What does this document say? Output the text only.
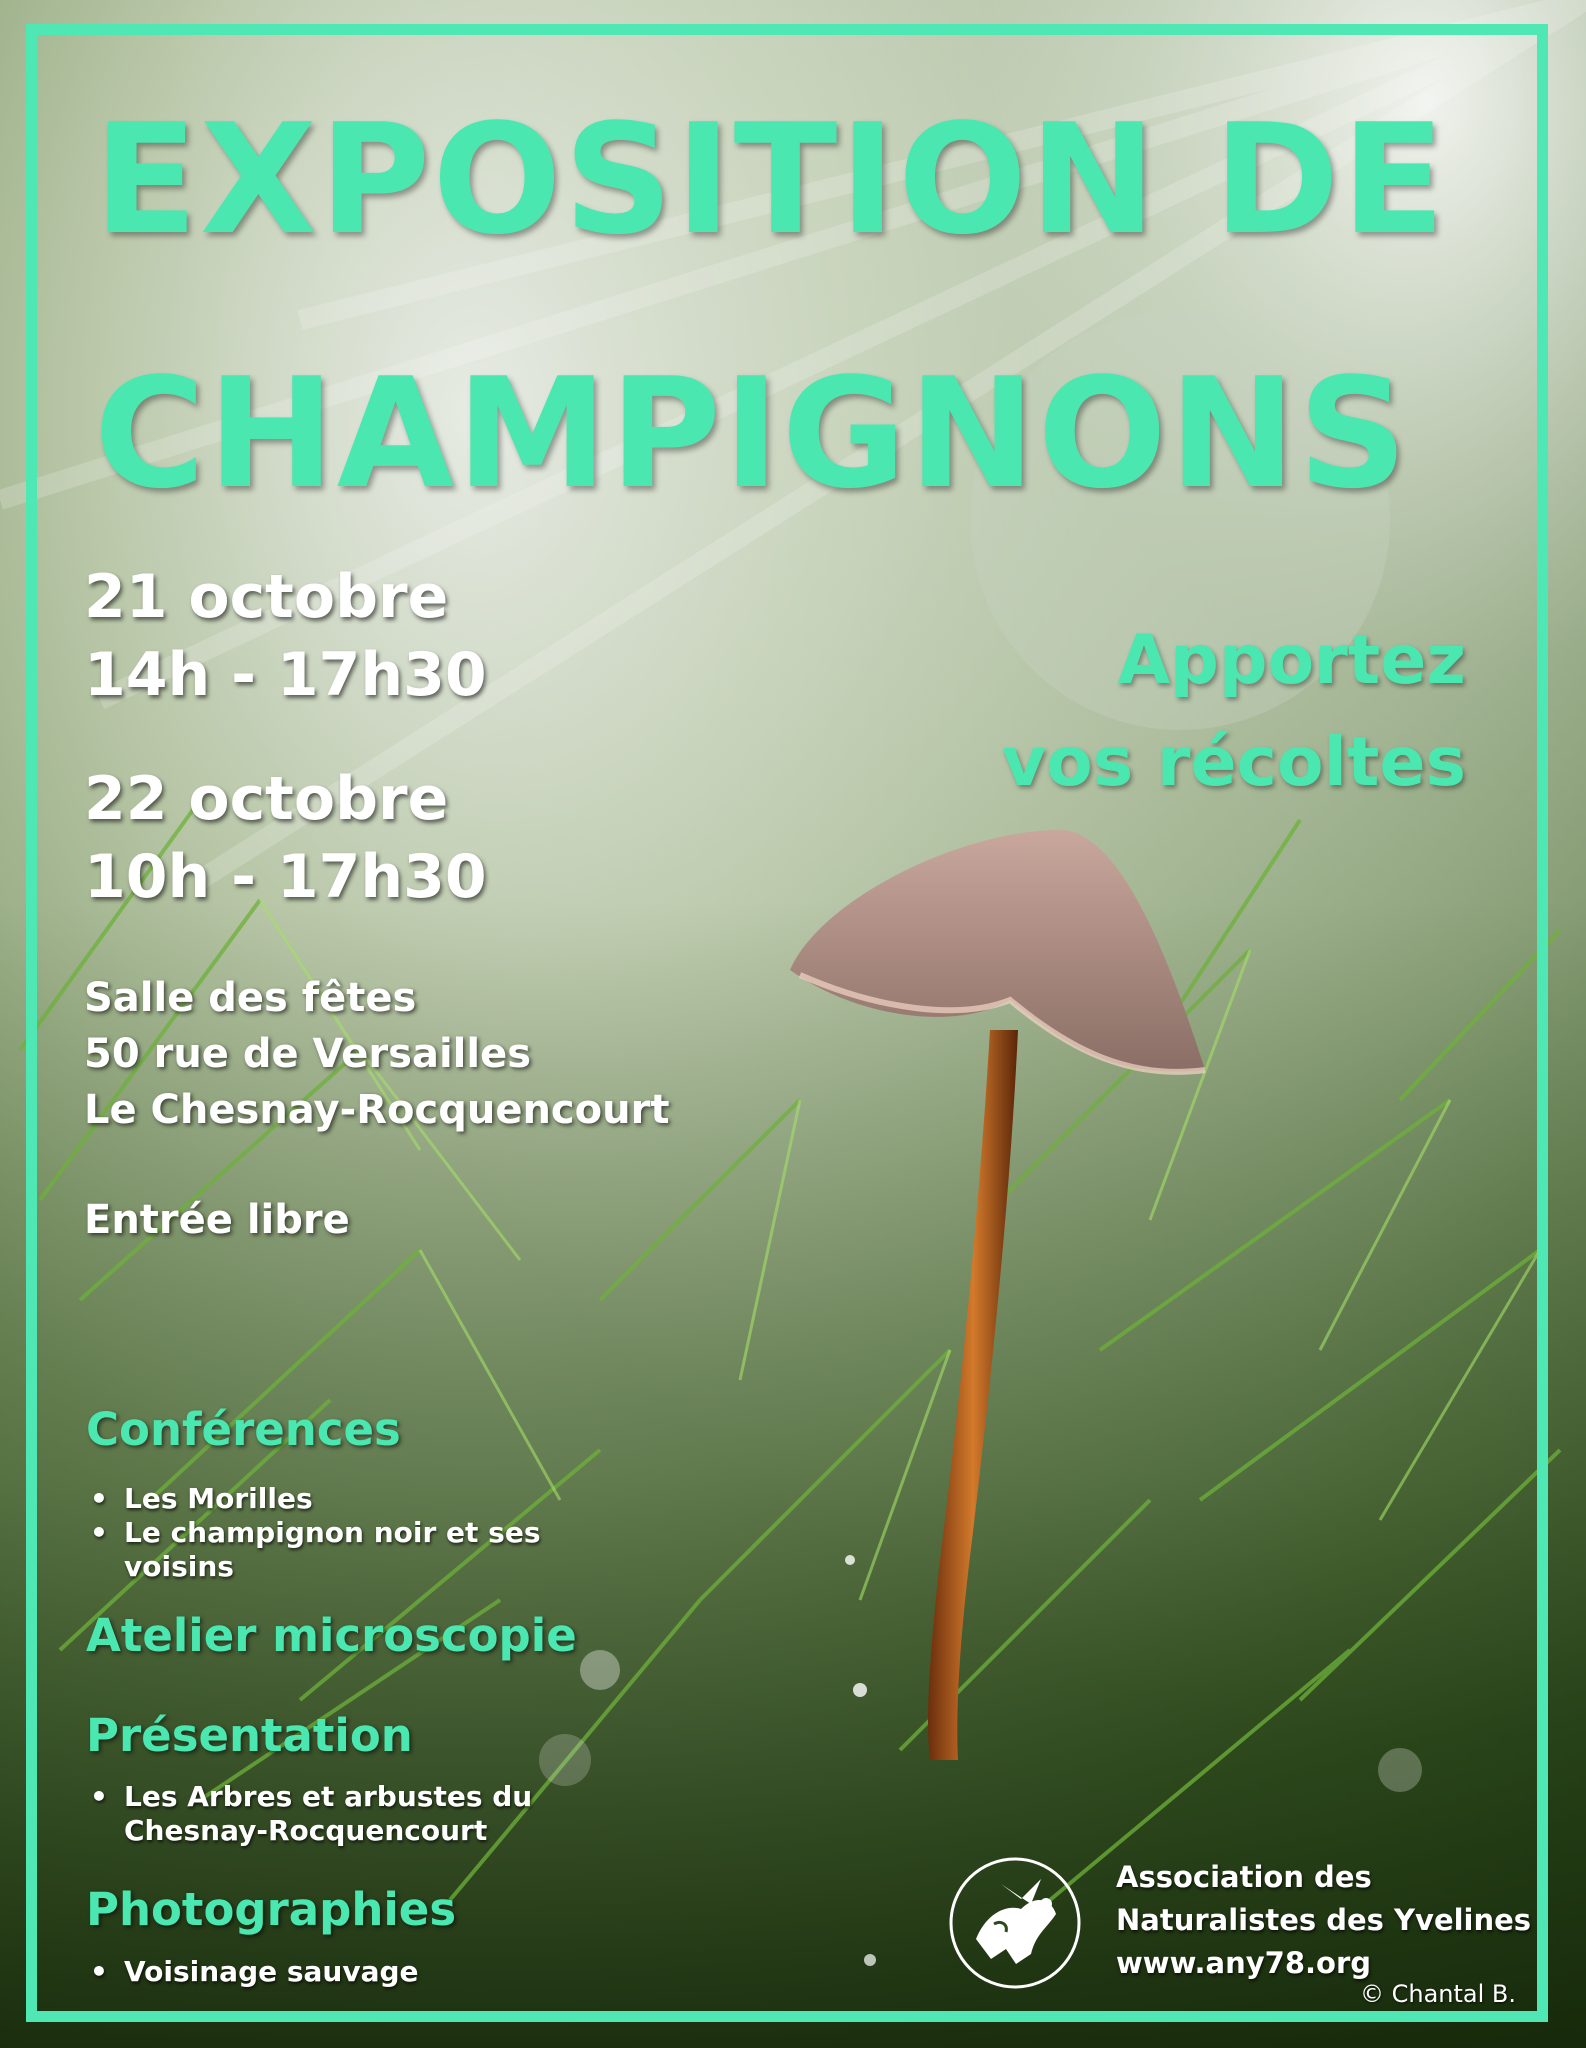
EXPOSITION DE
CHAMPIGNONS
21 octobre
14h - 17h30
22 octobre
10h - 17h30
Salle des fêtes
50 rue de Versailles
Le Chesnay-Rocquencourt
Entrée libre
Apportez
vos récoltes
Conférences
• Les Morilles
• Le champignon noir et ses voisins
Atelier microscopie
Présentation
• Les Arbres et arbustes du Chesnay-Rocquencourt
Photographies
• Voisinage sauvage
Association des
Naturalistes des Yvelines
www.any78.org
© Chantal B.
